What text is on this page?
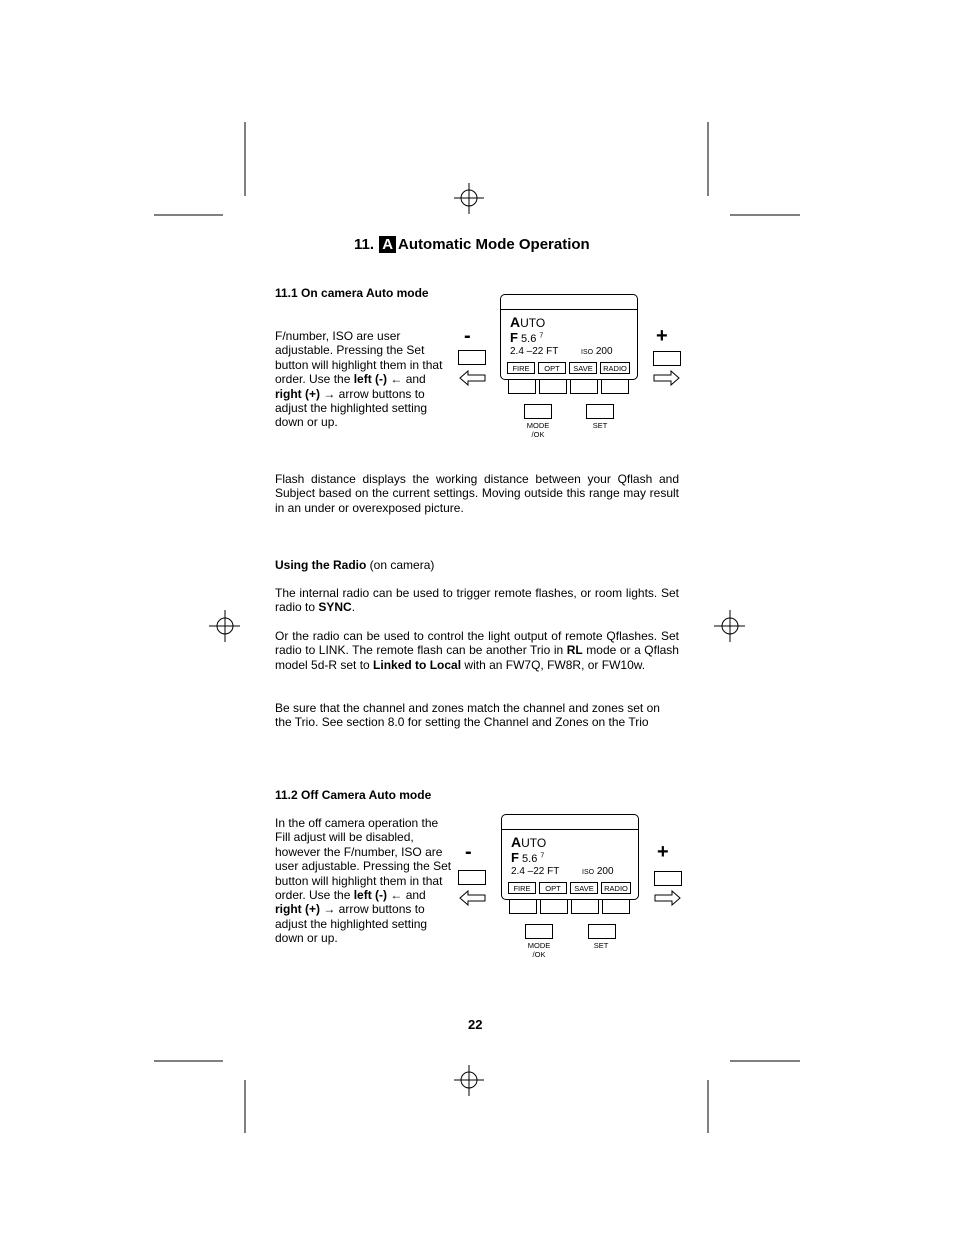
11. A Automatic Mode Operation
11.1 On camera Auto mode
F/number, ISO are user adjustable. Pressing the Set button will highlight them in that order. Use the left (-) ← and right (+) → arrow buttons to adjust the highlighted setting down or up.
AUTO
F 5.6 $^7$
2.4 –22 FT	ISO 200
FIRE	OPT	SAVE	RADIO
-	+
MODE
/OK
SET
Flash distance displays the working distance between your Qflash and Subject based on the current settings. Moving outside this range may result in an under or overexposed picture.
Using the Radio (on camera)
The internal radio can be used to trigger remote flashes, or room lights. Set radio to SYNC.
Or the radio can be used to control the light output of remote Qflashes. Set radio to LINK. The remote flash can be another Trio in RL mode or a Qflash model 5d-R set to Linked to Local with an FW7Q, FW8R, or FW10w.
Be sure that the channel and zones match the channel and zones set on the Trio. See section 8.0 for setting the Channel and Zones on the Trio
11.2 Off Camera Auto mode
In the off camera operation the Fill adjust will be disabled, however the F/number, ISO are user adjustable. Pressing the Set button will highlight them in that order. Use the left (-) ← and right (+) → arrow buttons to adjust the highlighted setting down or up.
AUTO
F 5.6 $^7$
2.4 –22 FT	ISO 200
FIRE	OPT	SAVE	RADIO
-	+
MODE
/OK
SET
22
